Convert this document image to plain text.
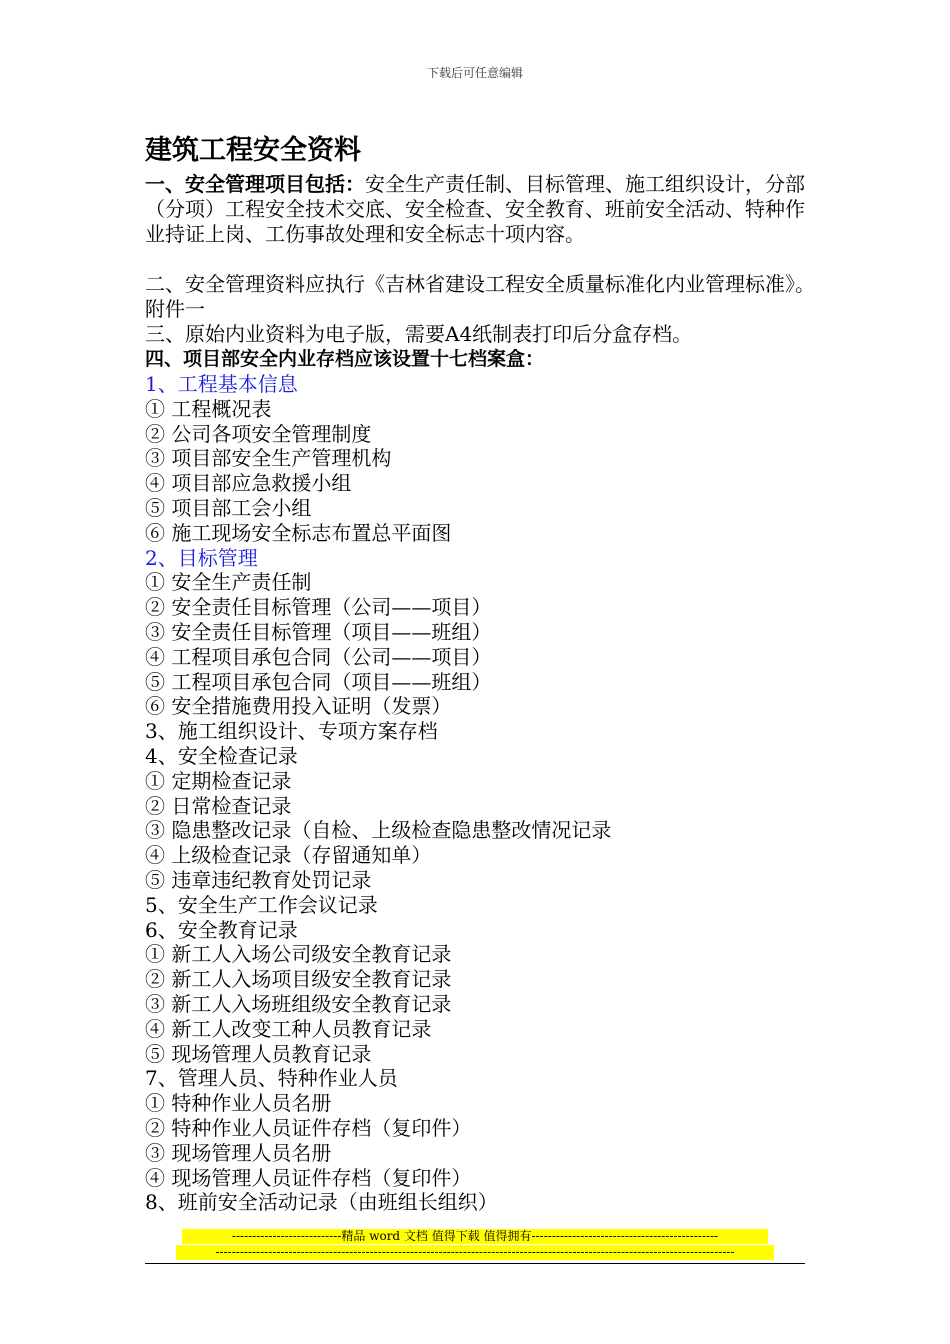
下载后可任意编辑
建筑工程安全资料

一、安全管理项目包括：安全生产责任制、目标管理、施工组织设计，分部（分项）工程安全技术交底、安全检查、安全教育、班前安全活动、特种作业持证上岗、工伤事故处理和安全标志十项内容。

二、安全管理资料应执行《吉林省建设工程安全质量标准化内业管理标准》。附件一

三、原始内业资料为电子版，需要A4纸制表打印后分盒存档。

四、项目部安全内业存档应该设置十七档案盒：
1、工程基本信息
① 工程概况表
② 公司各项安全管理制度
③ 项目部安全生产管理机构
④ 项目部应急救援小组
⑤ 项目部工会小组
⑥ 施工现场安全标志布置总平面图
2、目标管理
① 安全生产责任制
② 安全责任目标管理（公司——项目）
③ 安全责任目标管理（项目——班组）
④ 工程项目承包合同（公司——项目）
⑤ 工程项目承包合同（项目——班组）
⑥ 安全措施费用投入证明（发票）
3、施工组织设计、专项方案存档
4、安全检查记录
① 定期检查记录
② 日常检查记录
③ 隐患整改记录（自检、上级检查隐患整改情况记录
④ 上级检查记录（存留通知单）
⑤ 违章违纪教育处罚记录
5、安全生产工作会议记录
6、安全教育记录
① 新工人入场公司级安全教育记录
② 新工人入场项目级安全教育记录
③ 新工人入场班组级安全教育记录
④ 新工人改变工种人员教育记录
⑤ 现场管理人员教育记录
7、管理人员、特种作业人员
① 特种作业人员名册
② 特种作业人员证件存档（复印件）
③ 现场管理人员名册
④ 现场管理人员证件存档（复印件）
8、班前安全活动记录（由班组长组织）
---------------------------精品 word 文档 值得下载 值得拥有----------------------------------------------
--------------------------------------------------------------------------------------------------------------------------------
